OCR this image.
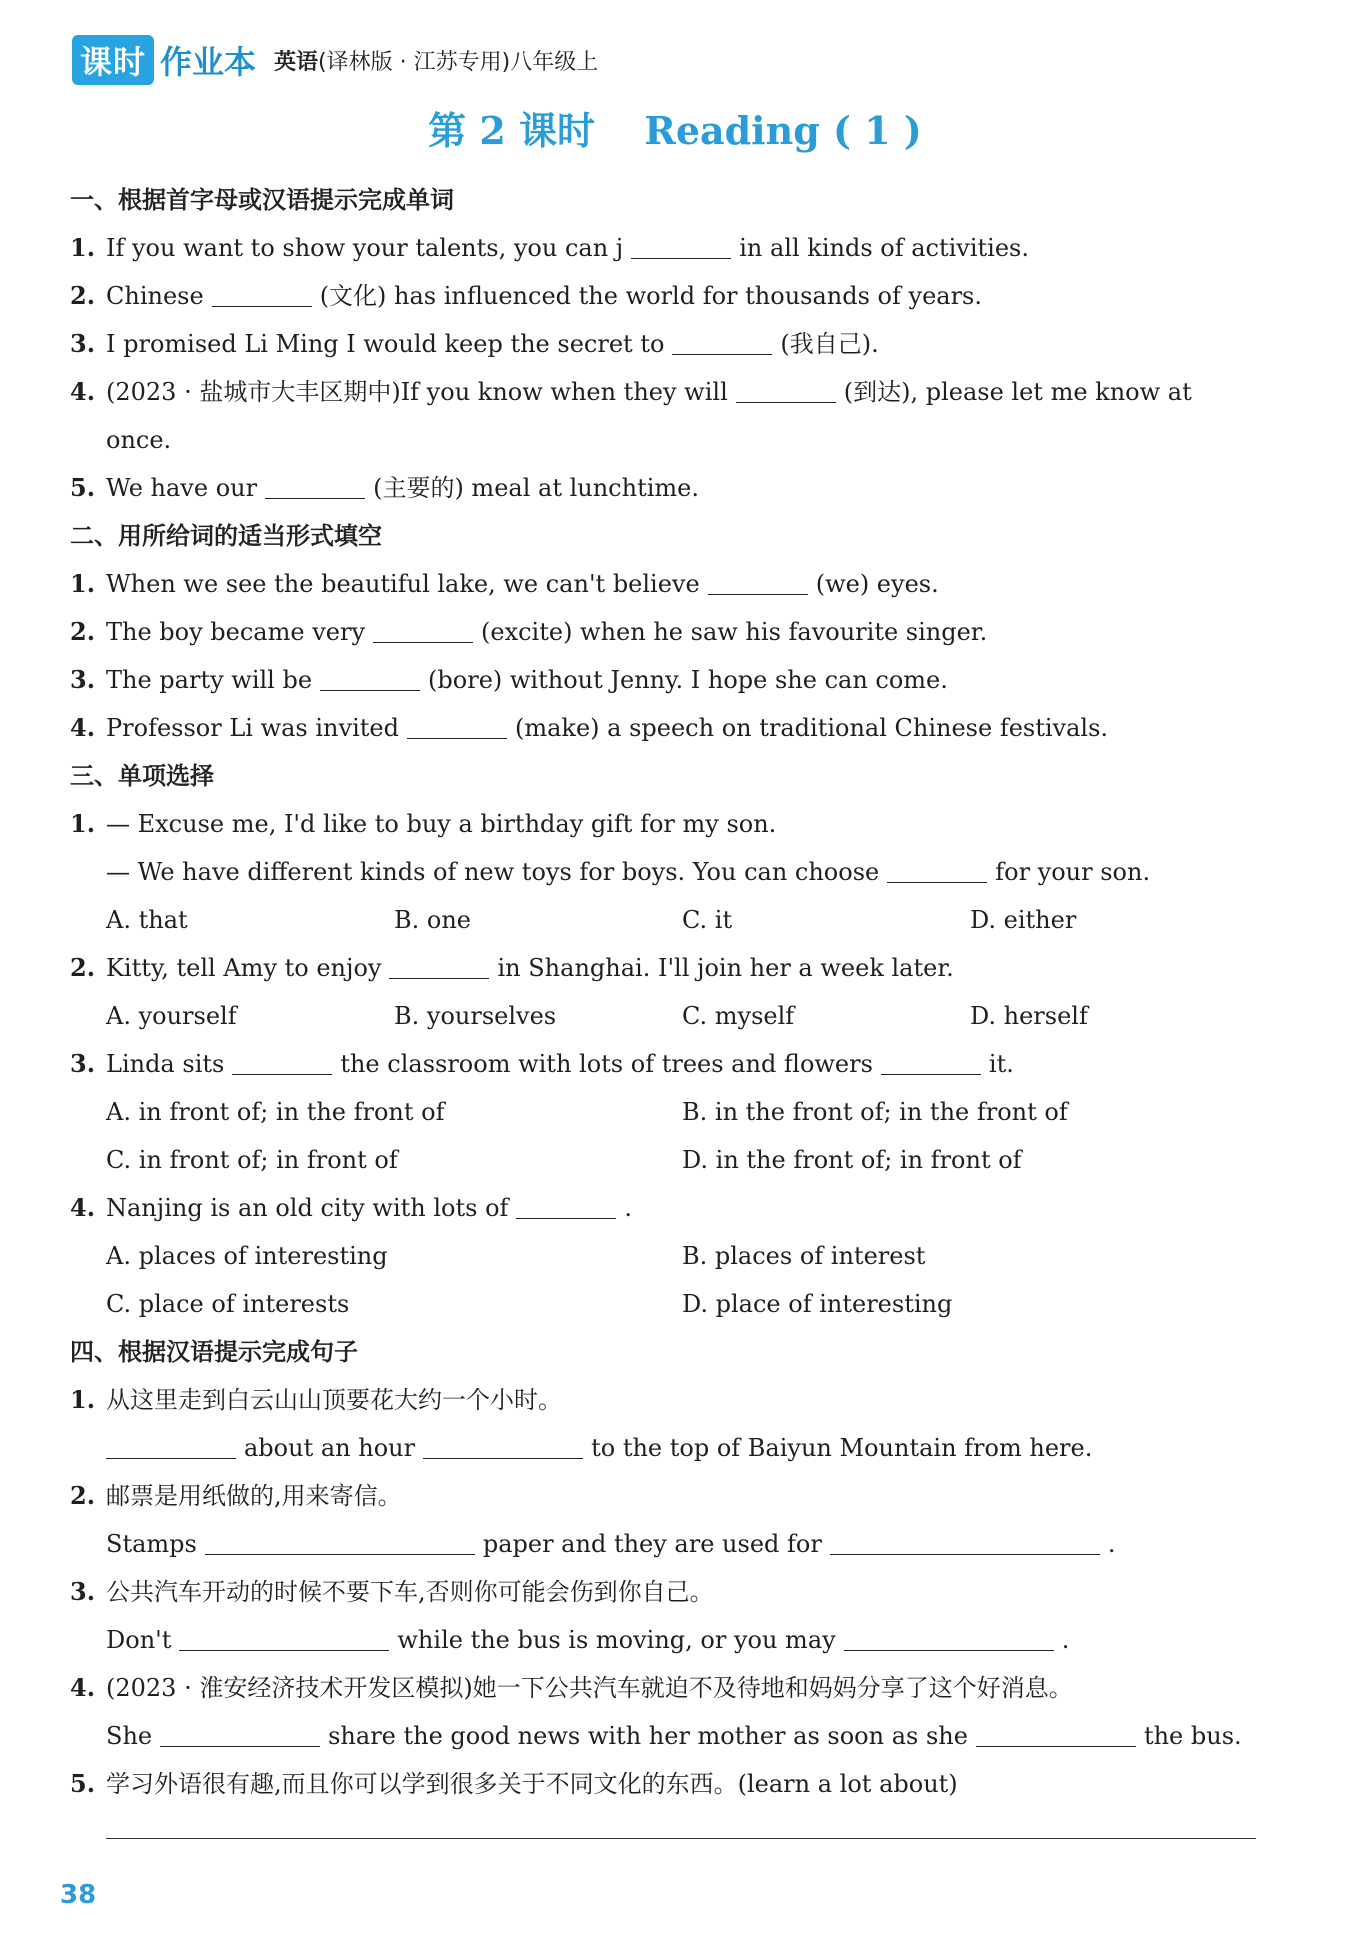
课时 作业本 英语(译林版 · 江苏专用)八年级上
第 2 课时 Reading ( 1 )
一、根据首字母或汉语提示完成单词
1. If you want to show your talents, you can j	in all kinds of activities.
2. Chinese	(文化) has influenced the world for thousands of years.
3. I promised Li Ming I would keep the secret to	(我自己).
4. (2023 · 盐城市大丰区期中)If you know when they will	(到达), please let me know at
once.
5. We have our	(主要的) meal at lunchtime.
二、用所给词的适当形式填空
1. When we see the beautiful lake, we can't believe	(we) eyes.
2. The boy became very	(excite) when he saw his favourite singer.
3. The party will be	(bore) without Jenny. I hope she can come.
4. Professor Li was invited	(make) a speech on traditional Chinese festivals.
三、单项选择
1. — Excuse me, I'd like to buy a birthday gift for my son.
— We have different kinds of new toys for boys. You can choose	for your son.
A. that	B. one	C. it	D. either
2. Kitty, tell Amy to enjoy	in Shanghai. I'll join her a week later.
A. yourself	B. yourselves	C. myself	D. herself
3. Linda sits	the classroom with lots of trees and flowers	it.
A. in front of; in the front of	B. in the front of; in the front of
C. in front of; in front of	D. in the front of; in front of
4. Nanjing is an old city with lots of	.
A. places of interesting	B. places of interest
C. place of interests	D. place of interesting
四、根据汉语提示完成句子
1. 从这里走到白云山山顶要花大约一个小时。
about an hour	to the top of Baiyun Mountain from here.
2. 邮票是用纸做的,用来寄信。
Stamps	paper and they are used for	.
3. 公共汽车开动的时候不要下车,否则你可能会伤到你自己。
Don't	while the bus is moving, or you may	.
4. (2023 · 淮安经济技术开发区模拟)她一下公共汽车就迫不及待地和妈妈分享了这个好消息。
She	share the good news with her mother as soon as she	the bus.
5. 学习外语很有趣,而且你可以学到很多关于不同文化的东西。(learn a lot about)
38
